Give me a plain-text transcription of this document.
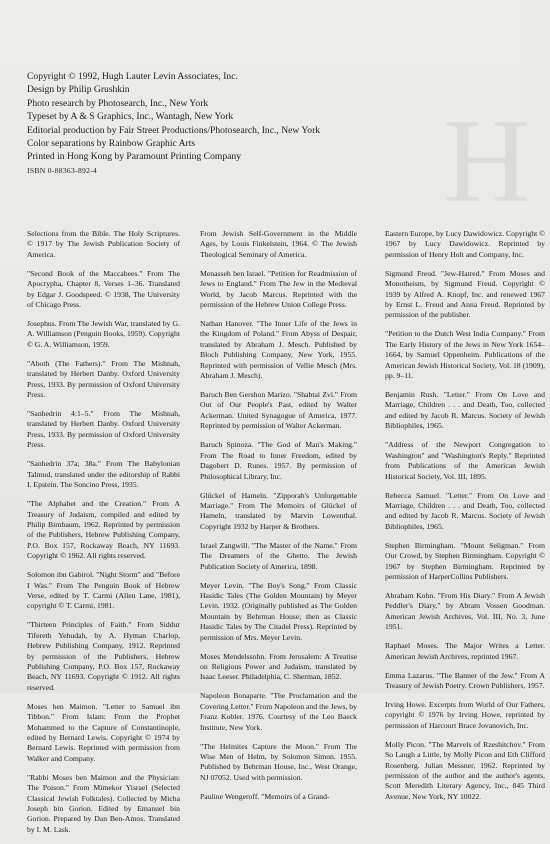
H
Copyright © 1992, Hugh Lauter Levin Associates, Inc.
Design by Philip Grushkin
Photo research by Photosearch, Inc., New York
Typeset by A & S Graphics, Inc., Wantagh, New York
Editorial production by Fair Street Productions/Photosearch, Inc., New York
Color separations by Rainbow Graphic Arts
Printed in Hong Kong by Paramount Printing Company
ISBN 0-88363-892-4

Selections from the Bible. The Holy Scriptures. © 1917 by The Jewish Publication Society of America.

"Second Book of the Maccabees." From The Apocrypha, Chapter 8, Verses 1–36. Translated by Edgar J. Goodspeed. © 1938, The University of Chicago Press.

Josephus. From The Jewish War, translated by G. A. Williamson (Penguin Books, 1959). Copyright © G. A. Williamson, 1959.

"Aboth (The Fathers)." From The Mishnah, translated by Herbert Danby. Oxford University Press, 1933. By permission of Oxford University Press.

"Sanhedrin 4:1–5." From The Mishnah, translated by Herbert Danby. Oxford University Press, 1933. By permission of Oxford University Press.

"Sanhedrin 37a; 38a." From The Babylonian Talmud, translated under the editorship of Rabbi I. Epstein. The Soncino Press, 1935.

"The Alphabet and the Creation." From A Treasury of Judaism, compiled and edited by Philip Birnbaum, 1962. Reprinted by permission of the Publishers, Hebrew Publishing Company, P.O. Box 157, Rockaway Beach, NY 11693. Copyright © 1962. All rights reserved.

Solomon ibn Gabirol. "Night Storm" and "Before I Was." From The Penguin Book of Hebrew Verse, edited by T. Carmi (Allen Lane, 1981), copyright © T. Carmi, 1981.

"Thirteen Principles of Faith." From Siddur Tifereth Yehudah, by A. Hyman Charlop, Hebrew Publishing Company, 1912. Reprinted by permission of the Publishers, Hebrew Publishing Company, P.O. Box 157, Rockaway Beach, NY 11693. Copyright © 1912. All rights reserved.

Moses ben Maimon. "Letter to Samuel ibn Tibbon." From Islam: From the Prophet Mohammed to the Capture of Constantinople, edited by Bernard Lewis. Copyright © 1974 by Bernard Lewis. Reprinted with permission from Walker and Company.

"Rabbi Moses ben Maimon and the Physician: The Poison." From Mimekor Yisrael (Selected Classical Jewish Folktales). Collected by Micha Joseph bin Gorion. Edited by Emanuel bin Gorion. Prepared by Dan Ben-Amos. Translated by I. M. Lask.

From Jewish Self-Government in the Middle Ages, by Louis Finkelstein, 1964. © The Jewish Theological Seminary of America.

Menasseh ben Israel. "Petition for Readmission of Jews to England." From The Jew in the Medieval World, by Jacob Marcus. Reprinted with the permission of the Hebrew Union College Press.

Nathan Hanover. "The Inner Life of the Jews in the Kingdom of Poland." From Abyss of Despair, translated by Abraham J. Mesch. Published by Bloch Publishing Company, New York, 1955. Reprinted with permission of Vellie Mesch (Mrs. Abraham J. Mesch).

Baruch Ben Gershon Marizo. "Shabtai Zvi." From Out of Our People's Past, edited by Walter Ackerman. United Synagogue of America, 1977. Reprinted by permission of Walter Ackerman.

Baruch Spinoza. "The God of Man's Making." From The Road to Inner Freedom, edited by Dagobert D. Runes. 1957. By permission of Philosophical Library, Inc.

Glückel of Hameln. "Zipporah's Unforgettable Marriage." From The Memoirs of Glückel of Hameln, translated by Marvin Lowenthal. Copyright 1932 by Harper & Brothers.

Israel Zangwill. "The Master of the Name." From The Dreamers of the Ghetto. The Jewish Publication Society of America, 1898.

Meyer Levin. "The Boy's Song." From Classic Hasidic Tales (The Golden Mountain) by Meyer Levin. 1932. (Originally published as The Golden Mountain by Behrman House; then as Classic Hasidic Tales by The Citadel Press). Reprinted by permission of Mrs. Meyer Levin.

Moses Mendelssohn. From Jerusalem: A Treatise on Religious Power and Judaism, translated by Isaac Leeser. Philadelphia, C. Sherman, 1852.

Napoleon Bonaparte. "The Proclamation and the Covering Letter." From Napoleon and the Jews, by Franz Kobler. 1976. Courtesy of the Leo Baeck Institute, New York.

"The Helmites Capture the Moon." From The Wise Men of Helm, by Solomon Simon. 1955. Published by Behrman House, Inc., West Orange, NJ 07052. Used with permission.

Pauline Wengeroff. "Memoirs of a Grand-

Eastern Europe, by Lucy Dawidowicz. Copyright © 1967 by Lucy Dawidowicz. Reprinted by permission of Henry Holt and Company, Inc.

Sigmund Freud. "Jew-Hatred." From Moses and Monotheism, by Sigmund Freud. Copyright © 1939 by Alfred A. Knopf, Inc. and renewed 1967 by Ernst L. Freud and Anna Freud. Reprinted by permission of the publisher.

"Petition to the Dutch West India Company." From The Early History of the Jews in New York 1654–1664, by Samuel Oppenheim. Publications of the American Jewish Historical Society, Vol. 18 (1909), pp. 9–11.

Benjamin Rush. "Letter." From On Love and Marriage, Children . . . and Death, Too, collected and edited by Jacob R. Marcus. Society of Jewish Bibliophiles, 1965.

"Address of the Newport Congregation to Washington" and "Washington's Reply." Reprinted from Publications of the American Jewish Historical Society, Vol. III, 1895.

Rebecca Samuel. "Letter." From On Love and Marriage, Children . . . and Death, Too, collected and edited by Jacob R. Marcus. Society of Jewish Bibliophiles, 1965.

Stephen Birmingham. "Mount Seligman." From Our Crowd, by Stephen Birmingham. Copyright © 1967 by Stephen Birmingham. Reprinted by permission of HarperCollins Publishers.

Abraham Kohn. "From His Diary." From A Jewish Peddler's Diary," by Abram Vossen Goodman. American Jewish Archives, Vol. III, No. 3, June 1951.

Raphael Moses. The Major Writes a Letter. American Jewish Archives, reprinted 1967.

Emma Lazarus. "The Banner of the Jew." From A Treasury of Jewish Poetry. Crown Publishers, 1957.

Irving Howe. Excerpts from World of Our Fathers, copyright © 1976 by Irving Howe, reprinted by permission of Harcourt Brace Jovanovich, Inc.

Molly Picon. "The Marvels of Rzeshitchov." From So Laugh a Little, by Molly Picon and Eth Clifford Rosenberg. Julian Messner, 1962. Reprinted by permission of the author and the author's agents, Scott Meredith Literary Agency, Inc., 845 Third Avenue, New York, NY 10022.
